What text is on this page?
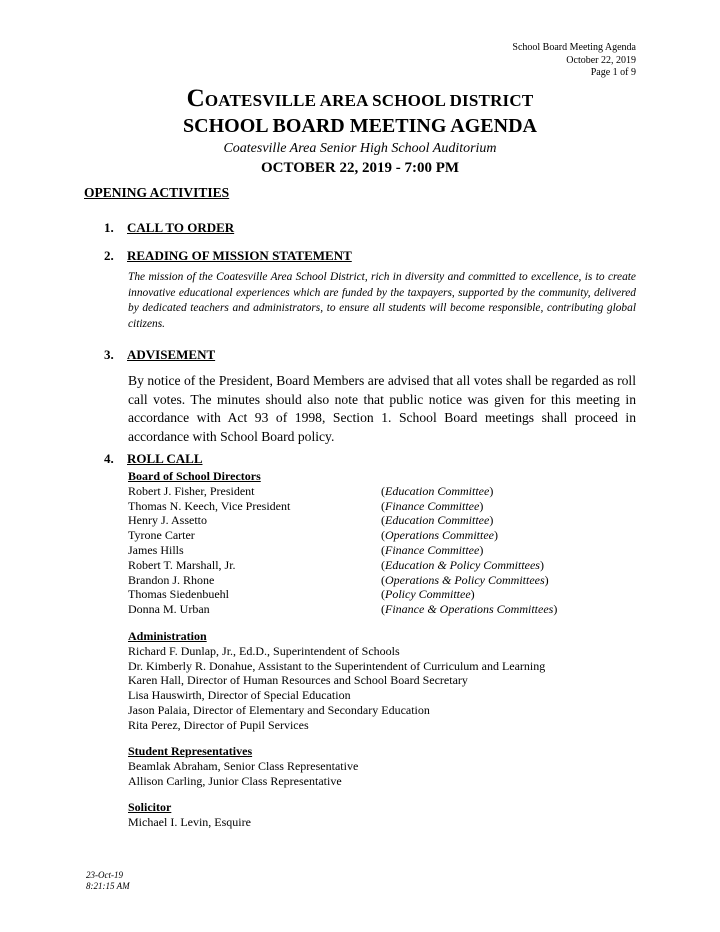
School Board Meeting Agenda
October 22, 2019
Page 1 of 9
COATESVILLE AREA SCHOOL DISTRICT
SCHOOL BOARD MEETING AGENDA
Coatesville Area Senior High School Auditorium
OCTOBER 22, 2019 - 7:00 PM
OPENING ACTIVITIES
1. CALL TO ORDER
2. READING OF MISSION STATEMENT
The mission of the Coatesville Area School District, rich in diversity and committed to excellence, is to create innovative educational experiences which are funded by the taxpayers, supported by the community, delivered by dedicated teachers and administrators, to ensure all students will become responsible, contributing global citizens.
3. ADVISEMENT
By notice of the President, Board Members are advised that all votes shall be regarded as roll call votes. The minutes should also note that public notice was given for this meeting in accordance with Act 93 of 1998, Section 1. School Board meetings shall proceed in accordance with School Board policy.
4. ROLL CALL
Board of School Directors
Robert J. Fisher, President	(Education Committee)
Thomas N. Keech, Vice President	(Finance Committee)
Henry J. Assetto	(Education Committee)
Tyrone Carter	(Operations Committee)
James Hills	(Finance Committee)
Robert T. Marshall, Jr.	(Education & Policy Committees)
Brandon J. Rhone	(Operations & Policy Committees)
Thomas Siedenbuehl	(Policy Committee)
Donna M. Urban	(Finance & Operations Committees)
Administration
Richard F. Dunlap, Jr., Ed.D., Superintendent of Schools
Dr. Kimberly R. Donahue, Assistant to the Superintendent of Curriculum and Learning
Karen Hall, Director of Human Resources and School Board Secretary
Lisa Hauswirth, Director of Special Education
Jason Palaia, Director of Elementary and Secondary Education
Rita Perez, Director of Pupil Services
Student Representatives
Beamlak Abraham, Senior Class Representative
Allison Carling, Junior Class Representative
Solicitor
Michael I. Levin, Esquire
23-Oct-19
8:21:15 AM
